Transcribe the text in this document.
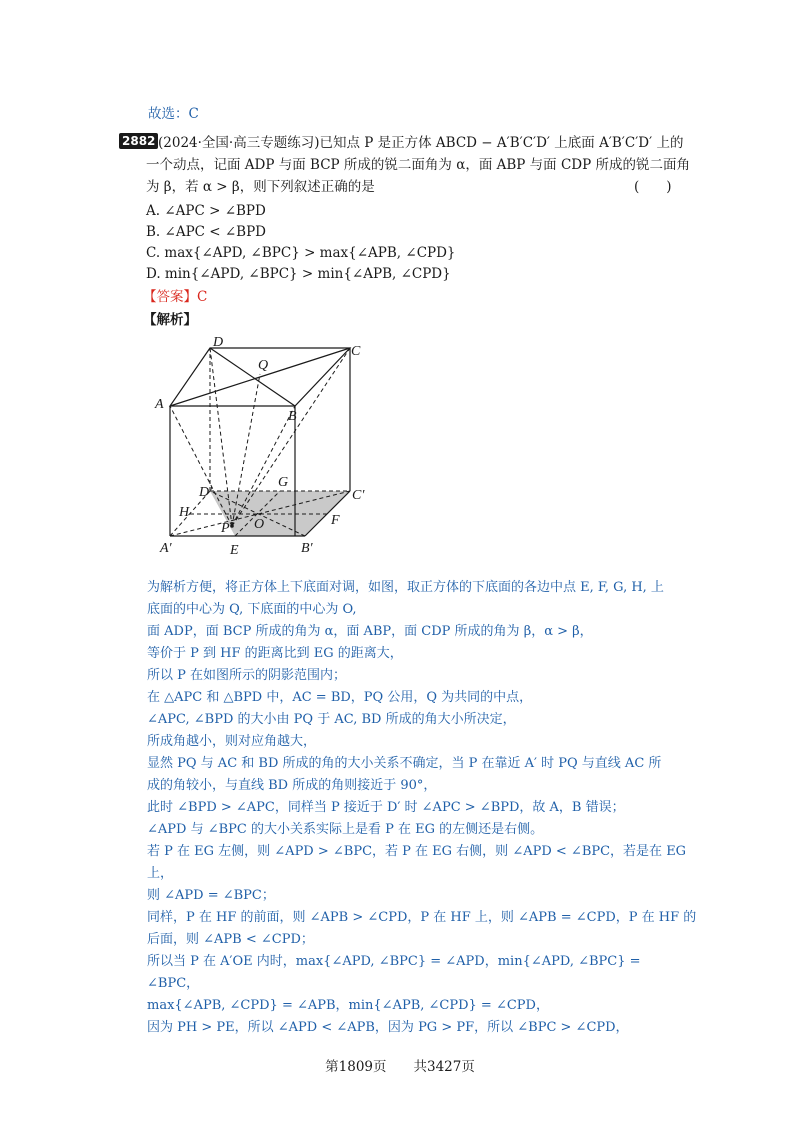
故选：C
2882 (2024·全国·高三专题练习)已知点 P 是正方体 ABCD − A′B′C′D′ 上底面 A′B′C′D′ 上的
一个动点，记面 ADP 与面 BCP 所成的锐二面角为 α，面 ABP 与面 CDP 所成的锐二面角
为 β，若 α > β，则下列叙述正确的是	(　　)
A. ∠APC > ∠BPD
B. ∠APC < ∠BPD
C. max{∠APD, ∠BPC} > max{∠APB, ∠CPD}
D. min{∠APD, ∠BPC} > min{∠APB, ∠CPD}
【答案】C
【解析】
D
Q
C
A
B
D′
G
C′
H
O	F
P
A′	E	B′
为解析方便，将正方体上下底面对调，如图，取正方体的下底面的各边中点 E, F, G, H, 上
底面的中心为 Q, 下底面的中心为 O,
面 ADP，面 BCP 所成的角为 α，面 ABP，面 CDP 所成的角为 β，α > β，
等价于 P 到 HF 的距离比到 EG 的距离大，
所以 P 在如图所示的阴影范围内；
在 △APC 和 △BPD 中，AC = BD，PQ 公用，Q 为共同的中点，
∠APC, ∠BPD 的大小由 PQ 于 AC, BD 所成的角大小所决定，
所成角越小，则对应角越大，
显然 PQ 与 AC 和 BD 所成的角的大小关系不确定，当 P 在靠近 A′ 时 PQ 与直线 AC 所
成的角较小，与直线 BD 所成的角则接近于 90°，
此时 ∠BPD > ∠APC，同样当 P 接近于 D′ 时 ∠APC > ∠BPD，故 A，B 错误；
∠APD 与 ∠BPC 的大小关系实际上是看 P 在 EG 的左侧还是右侧。
若 P 在 EG 左侧，则 ∠APD > ∠BPC，若 P 在 EG 右侧，则 ∠APD < ∠BPC，若是在 EG
上，
则 ∠APD = ∠BPC；
同样，P 在 HF 的前面，则 ∠APB > ∠CPD，P 在 HF 上，则 ∠APB = ∠CPD，P 在 HF 的
后面，则 ∠APB < ∠CPD；
所以当 P 在 A′OE 内时，max{∠APD, ∠BPC} = ∠APD，min{∠APD, ∠BPC} =
∠BPC，
max{∠APB, ∠CPD} = ∠APB，min{∠APB, ∠CPD} = ∠CPD，
因为 PH > PE，所以 ∠APD < ∠APB，因为 PG > PF，所以 ∠BPC > ∠CPD，
第1809页　　共3427页
